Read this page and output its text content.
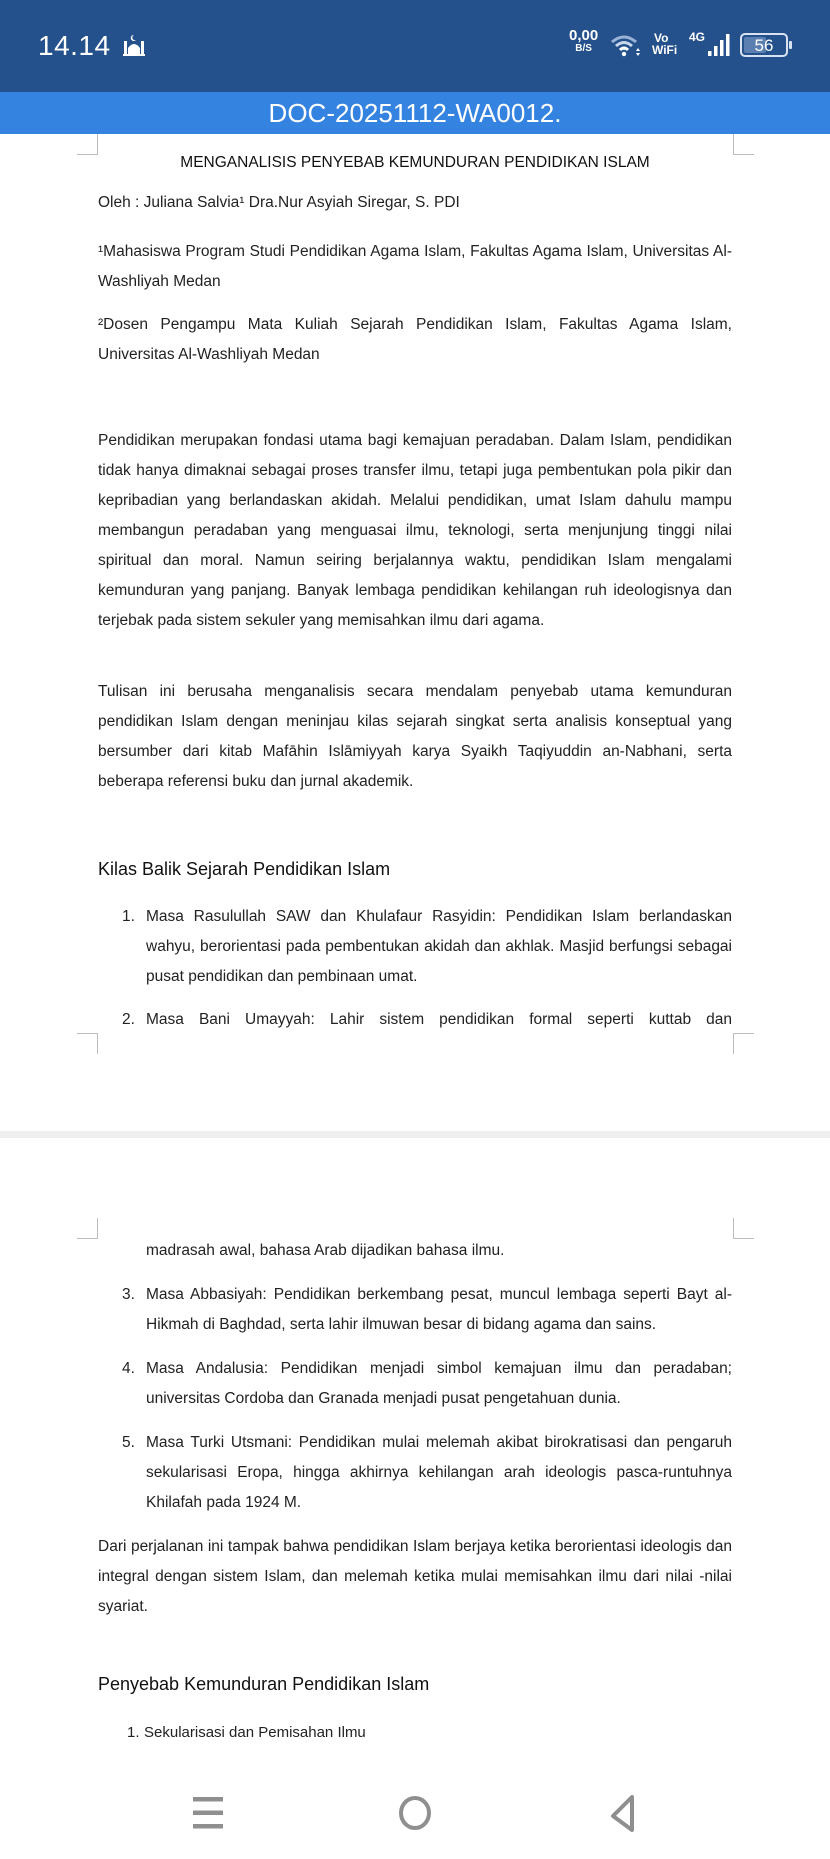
14.14	0,00
B/S
Vo
WiFi
4G	56
DOC-20251112-WA0012.
MENGANALISIS PENYEBAB KEMUNDURAN PENDIDIKAN ISLAM
Oleh : Juliana Salvia¹ Dra.Nur Asyiah Siregar, S. PDI
¹Mahasiswa Program Studi Pendidikan Agama Islam, Fakultas Agama Islam, Universitas Al-Washliyah Medan
²Dosen Pengampu Mata Kuliah Sejarah Pendidikan Islam, Fakultas Agama Islam, Universitas Al-Washliyah Medan
Pendidikan merupakan fondasi utama bagi kemajuan peradaban. Dalam Islam, pendidikan tidak hanya dimaknai sebagai proses transfer ilmu, tetapi juga pembentukan pola pikir dan kepribadian yang berlandaskan akidah. Melalui pendidikan, umat Islam dahulu mampu membangun peradaban yang menguasai ilmu, teknologi, serta menjunjung tinggi nilai spiritual dan moral. Namun seiring berjalannya waktu, pendidikan Islam mengalami kemunduran yang panjang. Banyak lembaga pendidikan kehilangan ruh ideologisnya dan terjebak pada sistem sekuler yang memisahkan ilmu dari agama.
Tulisan ini berusaha menganalisis secara mendalam penyebab utama kemunduran pendidikan Islam dengan meninjau kilas sejarah singkat serta analisis konseptual yang bersumber dari kitab Mafāhin Islāmiyyah karya Syaikh Taqiyuddin an-Nabhani, serta beberapa referensi buku dan jurnal akademik.
Kilas Balik Sejarah Pendidikan Islam
1. Masa Rasulullah SAW dan Khulafaur Rasyidin: Pendidikan Islam berlandaskan wahyu, berorientasi pada pembentukan akidah dan akhlak. Masjid berfungsi sebagai pusat pendidikan dan pembinaan umat.
2. Masa Bani Umayyah: Lahir sistem pendidikan formal seperti kuttab dan
madrasah awal, bahasa Arab dijadikan bahasa ilmu.
3. Masa Abbasiyah: Pendidikan berkembang pesat, muncul lembaga seperti Bayt al-Hikmah di Baghdad, serta lahir ilmuwan besar di bidang agama dan sains.
4. Masa Andalusia: Pendidikan menjadi simbol kemajuan ilmu dan peradaban; universitas Cordoba dan Granada menjadi pusat pengetahuan dunia.
5. Masa Turki Utsmani: Pendidikan mulai melemah akibat birokratisasi dan pengaruh sekularisasi Eropa, hingga akhirnya kehilangan arah ideologis pasca-runtuhnya Khilafah pada 1924 M.
Dari perjalanan ini tampak bahwa pendidikan Islam berjaya ketika berorientasi ideologis dan integral dengan sistem Islam, dan melemah ketika mulai memisahkan ilmu dari nilai -nilai syariat.
Penyebab Kemunduran Pendidikan Islam
1. Sekularisasi dan Pemisahan Ilmu
